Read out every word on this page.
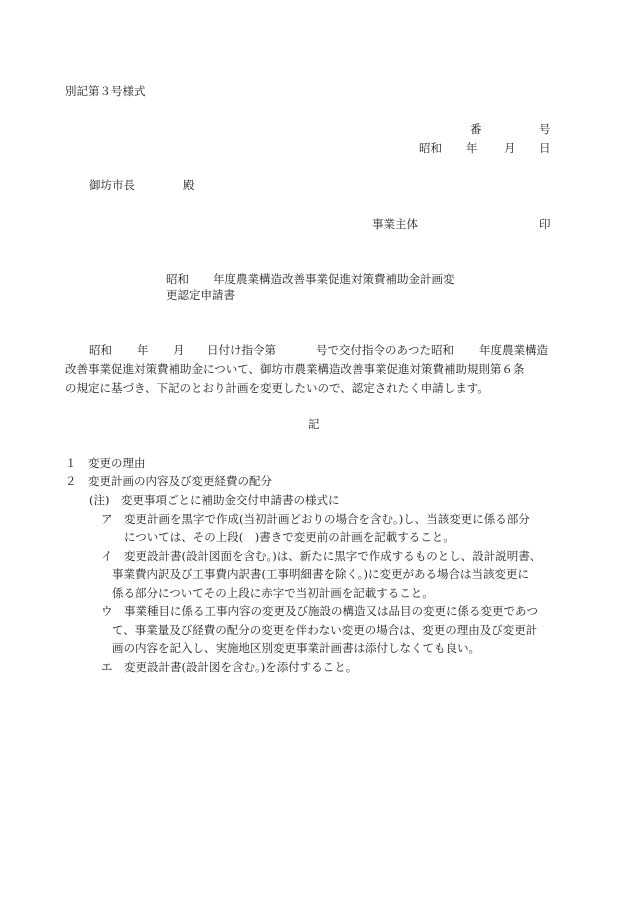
別記第３号様式
番	号
昭和 年 月 日
御坊市長	殿
事業主体	印
昭和 年度農業構造改善事業促進対策費補助金計画変
更認定申請書
昭和 年 月 日付け指令第	号で交付指令のあつた昭和 年度農業構造
改善事業促進対策費補助金について、御坊市農業構造改善事業促進対策費補助規則第６条
の規定に基づき、下記のとおり計画を変更したいので、認定されたく申請します。
記
１　変更の理由
２　変更計画の内容及び変更経費の配分
(注)　変更事項ごとに補助金交付申請書の様式に
ア　変更計画を黒字で作成(当初計画どおりの場合を含む。)し、当該変更に係る部分
については、その上段(　)書きで変更前の計画を記載すること。
イ　変更設計書(設計図面を含む。)は、新たに黒字で作成するものとし、設計説明書、
事業費内訳及び工事費内訳書(工事明細書を除く。)に変更がある場合は当該変更に
係る部分についてその上段に赤字で当初計画を記載すること。
ウ　事業種目に係る工事内容の変更及び施設の構造又は品目の変更に係る変更であつ
て、事業量及び経費の配分の変更を伴わない変更の場合は、変更の理由及び変更計
画の内容を記入し、実施地区別変更事業計画書は添付しなくても良い。
エ　変更設計書(設計図を含む。)を添付すること。
